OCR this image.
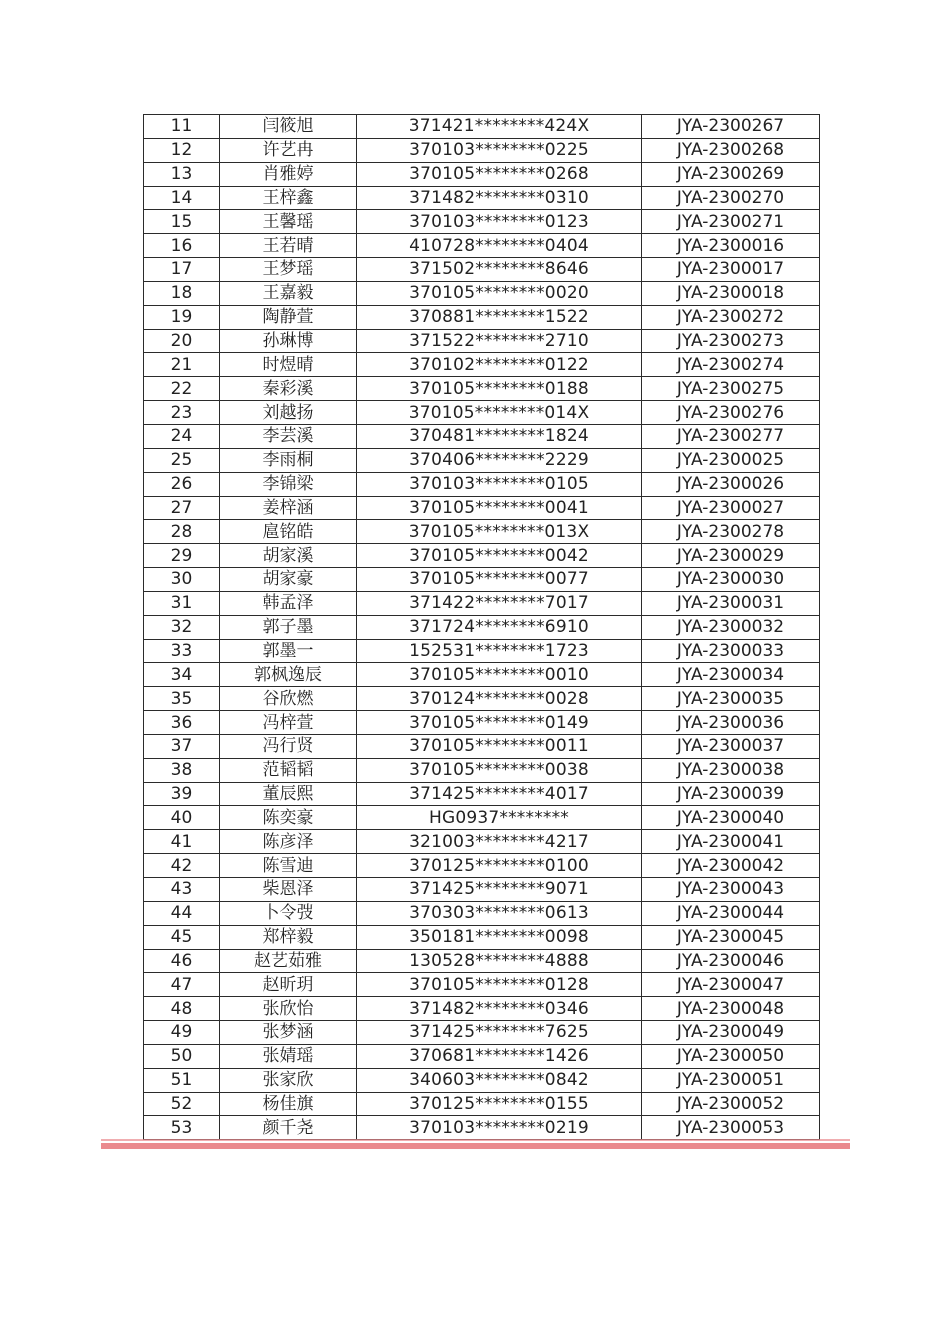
11	闫筱旭	371421********424X	JYA-2300267
12	许艺冉	370103********0225	JYA-2300268
13	肖雅婷	370105********0268	JYA-2300269
14	王梓鑫	371482********0310	JYA-2300270
15	王馨瑶	370103********0123	JYA-2300271
16	王若晴	410728********0404	JYA-2300016
17	王梦瑶	371502********8646	JYA-2300017
18	王嘉毅	370105********0020	JYA-2300018
19	陶静萱	370881********1522	JYA-2300272
20	孙琳博	371522********2710	JYA-2300273
21	时煜晴	370102********0122	JYA-2300274
22	秦彩溪	370105********0188	JYA-2300275
23	刘越扬	370105********014X	JYA-2300276
24	李芸溪	370481********1824	JYA-2300277
25	李雨桐	370406********2229	JYA-2300025
26	李锦梁	370103********0105	JYA-2300026
27	姜梓涵	370105********0041	JYA-2300027
28	扈铭皓	370105********013X	JYA-2300278
29	胡家溪	370105********0042	JYA-2300029
30	胡家豪	370105********0077	JYA-2300030
31	韩孟泽	371422********7017	JYA-2300031
32	郭子墨	371724********6910	JYA-2300032
33	郭墨一	152531********1723	JYA-2300033
34	郭枫逸辰	370105********0010	JYA-2300034
35	谷欣燃	370124********0028	JYA-2300035
36	冯梓萱	370105********0149	JYA-2300036
37	冯行贤	370105********0011	JYA-2300037
38	范韬韬	370105********0038	JYA-2300038
39	董辰熙	371425********4017	JYA-2300039
40	陈奕豪	HG0937********	JYA-2300040
41	陈彦泽	321003********4217	JYA-2300041
42	陈雪迪	370125********0100	JYA-2300042
43	柴恩泽	371425********9071	JYA-2300043
44	卜令弢	370303********0613	JYA-2300044
45	郑梓毅	350181********0098	JYA-2300045
46	赵艺茹雅	130528********4888	JYA-2300046
47	赵昕玥	370105********0128	JYA-2300047
48	张欣怡	371482********0346	JYA-2300048
49	张梦涵	371425********7625	JYA-2300049
50	张婧瑶	370681********1426	JYA-2300050
51	张家欣	340603********0842	JYA-2300051
52	杨佳旗	370125********0155	JYA-2300052
53	颜千尧	370103********0219	JYA-2300053
